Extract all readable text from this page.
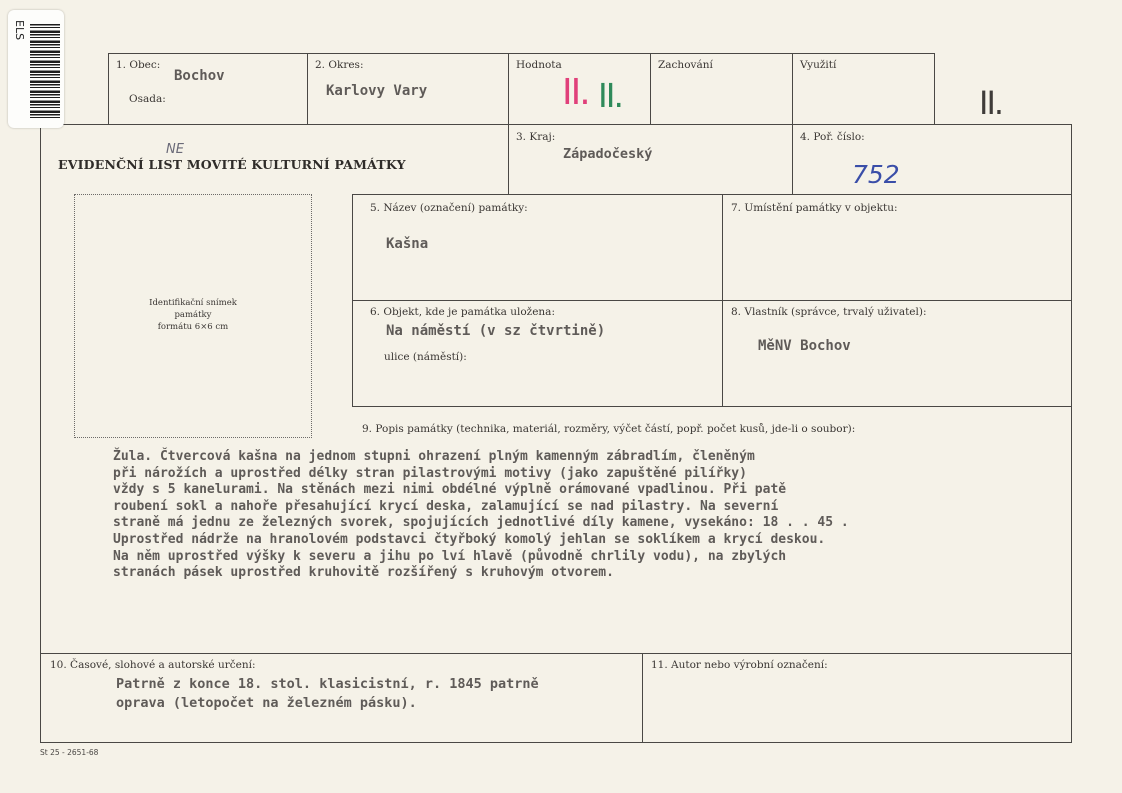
ELS
1. Obec:
Bochov
Osada:
2. Okres:
Karlovy Vary
Hodnota
II. II.
Zachování	Využití
II.
NE
EVIDENČNÍ LIST MOVITÉ KULTURNÍ PAMÁTKY
3. Kraj:
Západočeský
4. Poř. číslo:
752
Identifikační snímek
památky
formátu 6×6 cm
5. Název (označení) památky:
Kašna
7. Umístění památky v objektu:
6. Objekt, kde je památka uložena:
Na náměstí (v sz čtvrtině)
ulice (náměstí):
8. Vlastník (správce, trvalý uživatel):
MěNV Bochov
9. Popis památky (technika, materiál, rozměry, výčet částí, popř. počet kusů, jde-li o soubor):
Žula. Čtvercová kašna na jednom stupni ohrazení plným kamenným zábradlím, členěným
při nárožích a uprostřed délky stran pilastrovými motivy (jako zapuštěné pilířky)
vždy s 5 kanelurami. Na stěnách mezi nimi obdélné výplně orámované vpadlinou. Při patě
roubení sokl a nahoře přesahující krycí deska, zalamující se nad pilastry. Na severní
straně má jednu ze železných svorek, spojujících jednotlivé díly kamene, vysekáno: 18 . . 45 .
Uprostřed nádrže na hranolovém podstavci čtyřboký komolý jehlan se soklíkem a krycí deskou.
Na něm uprostřed výšky k severu a jihu po lví hlavě (původně chrlily vodu), na zbylých
stranách pásek uprostřed kruhovitě rozšířený s kruhovým otvorem.
10. Časové, slohové a autorské určení:
Patrně z konce 18. stol. klasicistní, r. 1845 patrně
oprava (letopočet na železném pásku).
11. Autor nebo výrobní označení:
St 25 - 2651-68
